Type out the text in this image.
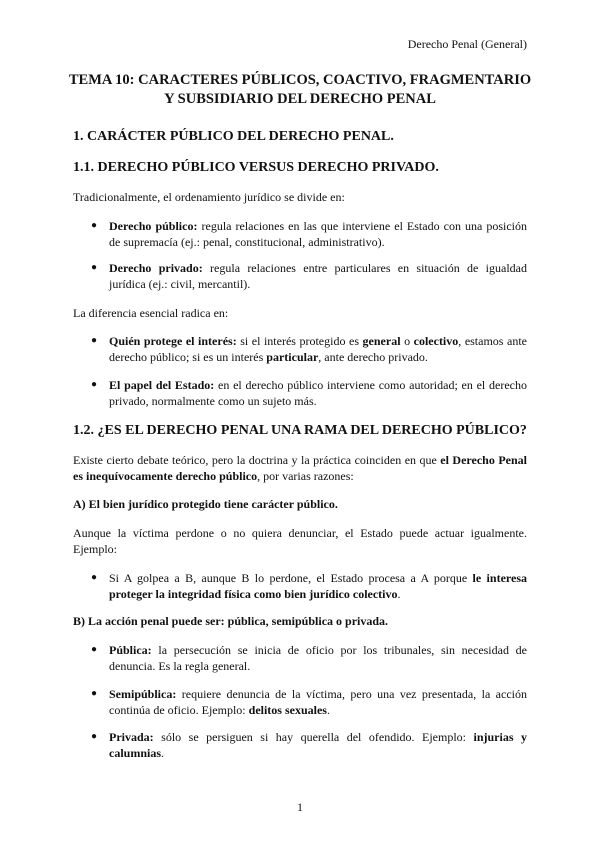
Derecho Penal (General)
TEMA 10: CARACTERES PÚBLICOS, COACTIVO, FRAGMENTARIO
Y SUBSIDIARIO DEL DERECHO PENAL
1. CARÁCTER PÚBLICO DEL DERECHO PENAL.
1.1. DERECHO PÚBLICO VERSUS DERECHO PRIVADO.
Tradicionalmente, el ordenamiento jurídico se divide en:
● Derecho público: regula relaciones en las que interviene el Estado con una posición de supremacía (ej.: penal, constitucional, administrativo).
● Derecho privado: regula relaciones entre particulares en situación de igualdad jurídica (ej.: civil, mercantil).
La diferencia esencial radica en:
● Quién protege el interés: si el interés protegido es general o colectivo, estamos ante derecho público; si es un interés particular, ante derecho privado.
● El papel del Estado: en el derecho público interviene como autoridad; en el derecho privado, normalmente como un sujeto más.
1.2. ¿ES EL DERECHO PENAL UNA RAMA DEL DERECHO PÚBLICO?
Existe cierto debate teórico, pero la doctrina y la práctica coinciden en que el Derecho Penal es inequívocamente derecho público, por varias razones:
A) El bien jurídico protegido tiene carácter público.
Aunque la víctima perdone o no quiera denunciar, el Estado puede actuar igualmente. Ejemplo:
● Si A golpea a B, aunque B lo perdone, el Estado procesa a A porque le interesa proteger la integridad física como bien jurídico colectivo.
B) La acción penal puede ser: pública, semipública o privada.
● Pública: la persecución se inicia de oficio por los tribunales, sin necesidad de denuncia. Es la regla general.
● Semipública: requiere denuncia de la víctima, pero una vez presentada, la acción continúa de oficio. Ejemplo: delitos sexuales.
● Privada: sólo se persiguen si hay querella del ofendido. Ejemplo: injurias y calumnias.
1
